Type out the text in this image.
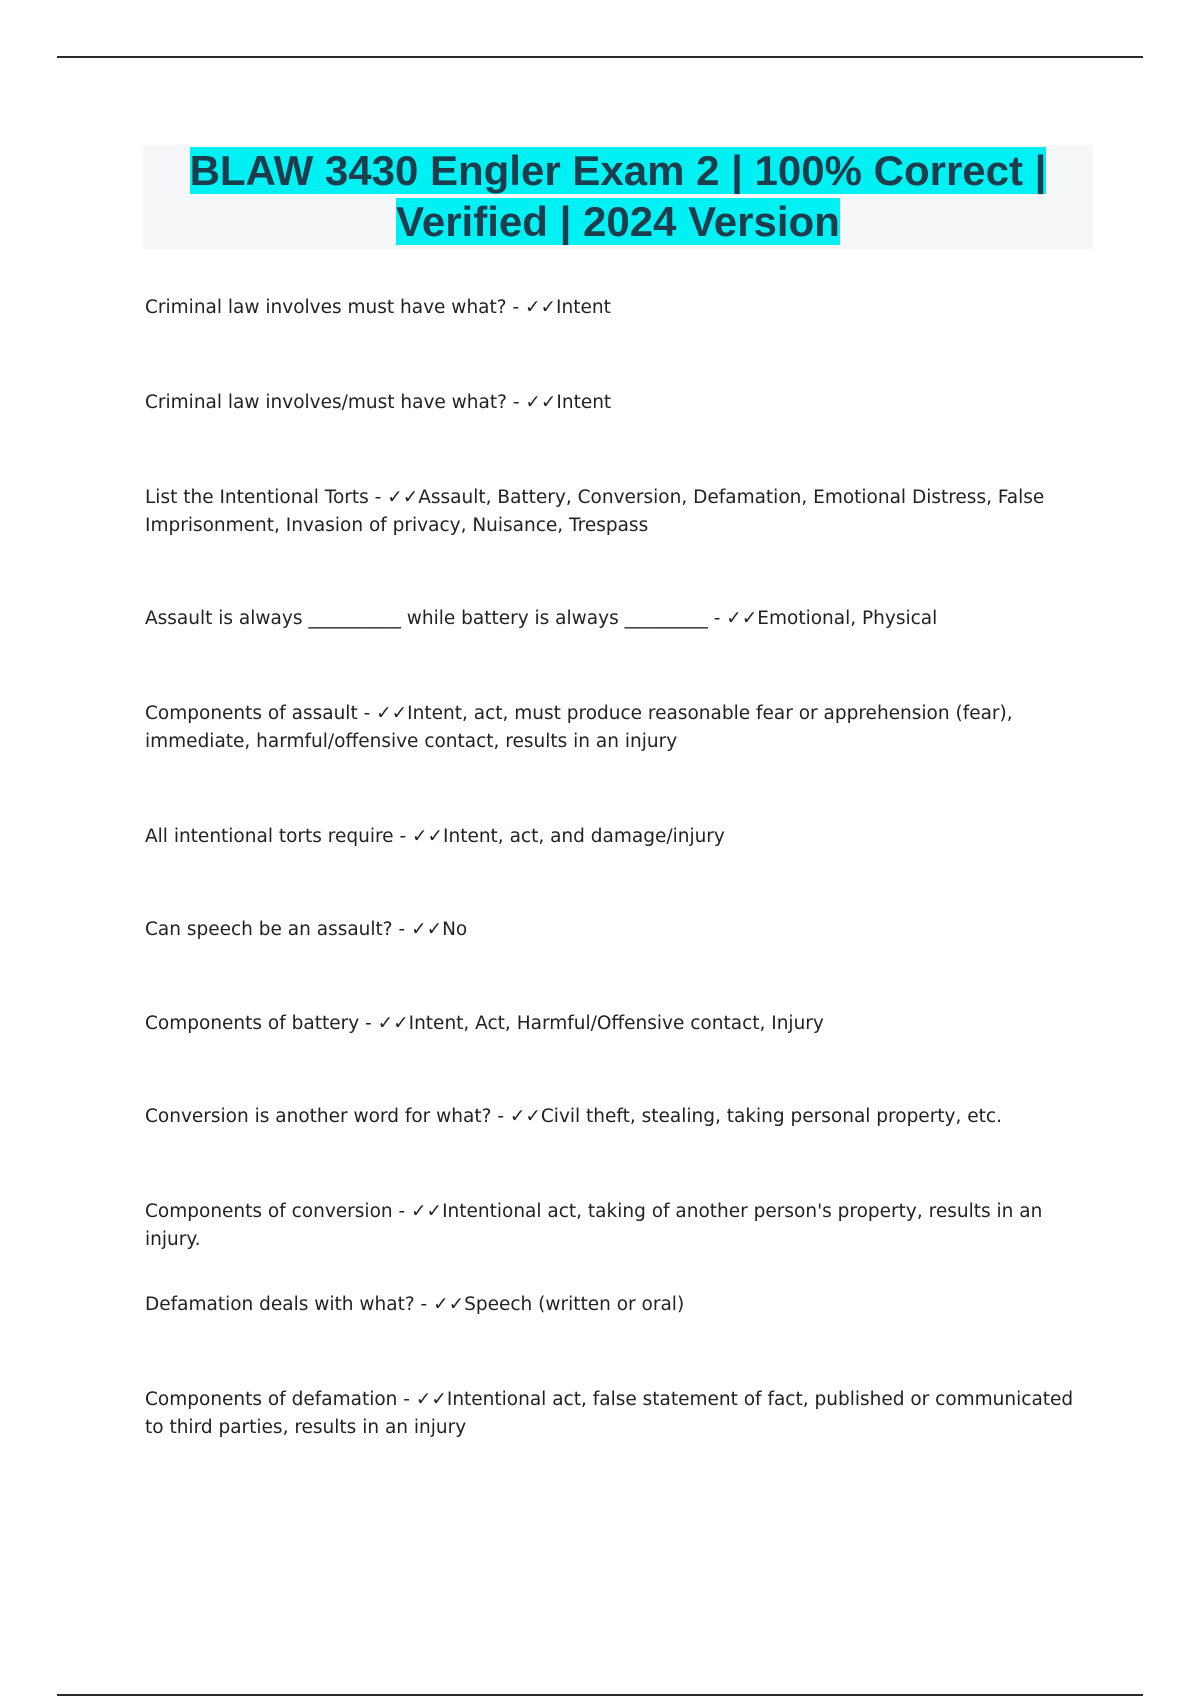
BLAW 3430 Engler Exam 2 | 100% Correct | Verified | 2024 Version
Criminal law involves must have what? - ✓✓Intent
Criminal law involves/must have what? - ✓✓Intent
List the Intentional Torts - ✓✓Assault, Battery, Conversion, Defamation, Emotional Distress, False Imprisonment, Invasion of privacy, Nuisance, Trespass
Assault is always __________ while battery is always _________ - ✓✓Emotional, Physical
Components of assault - ✓✓Intent, act, must produce reasonable fear or apprehension (fear), immediate, harmful/offensive contact, results in an injury
All intentional torts require - ✓✓Intent, act, and damage/injury
Can speech be an assault? - ✓✓No
Components of battery - ✓✓Intent, Act, Harmful/Offensive contact, Injury
Conversion is another word for what? - ✓✓Civil theft, stealing, taking personal property, etc.
Components of conversion - ✓✓Intentional act, taking of another person's property, results in an injury.
Defamation deals with what? - ✓✓Speech (written or oral)
Components of defamation - ✓✓Intentional act, false statement of fact, published or communicated to third parties, results in an injury
